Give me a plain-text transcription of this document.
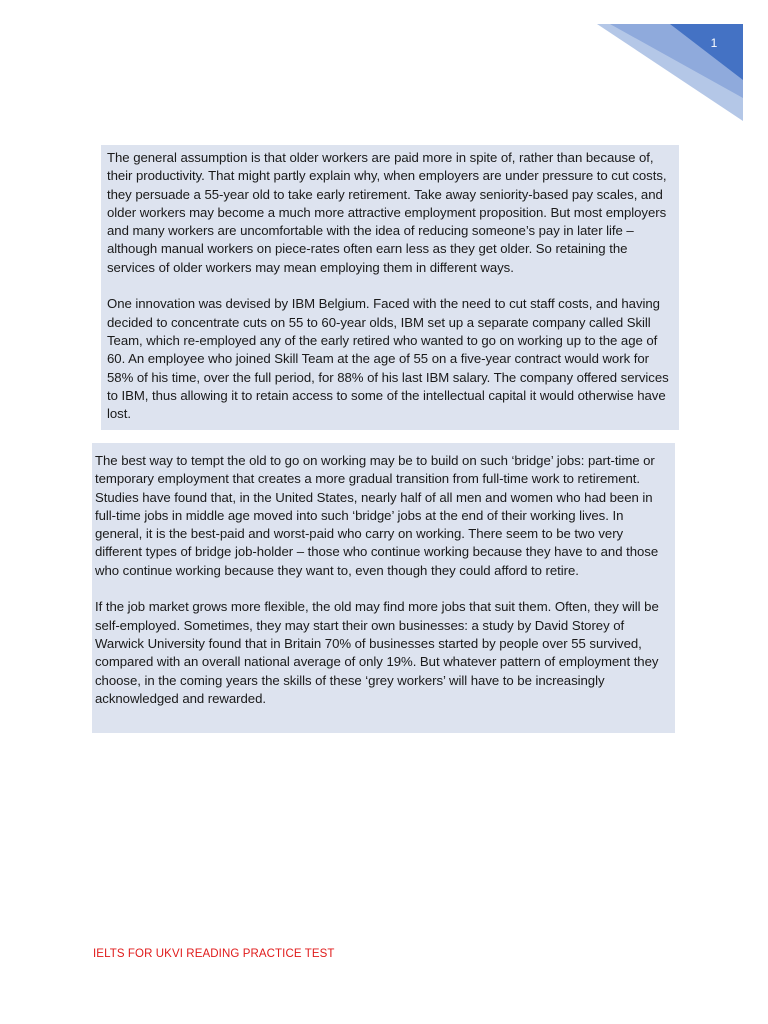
1

The general assumption is that older workers are paid more in spite of, rather than because of, their productivity. That might partly explain why, when employers are under pressure to cut costs, they persuade a 55-year old to take early retirement. Take away seniority-based pay scales, and older workers may become a much more attractive employment proposition. But most employers and many workers are uncomfortable with the idea of reducing someone’s pay in later life – although manual workers on piece-rates often earn less as they get older. So retaining the services of older workers may mean employing them in different ways.

One innovation was devised by IBM Belgium. Faced with the need to cut staff costs, and having decided to concentrate cuts on 55 to 60-year olds, IBM set up a separate company called Skill Team, which re-employed any of the early retired who wanted to go on working up to the age of 60. An employee who joined Skill Team at the age of 55 on a five-year contract would work for 58% of his time, over the full period, for 88% of his last IBM salary. The company offered services to IBM, thus allowing it to retain access to some of the intellectual capital it would otherwise have lost.

The best way to tempt the old to go on working may be to build on such ‘bridge’ jobs: part-time or temporary employment that creates a more gradual transition from full-time work to retirement. Studies have found that, in the United States, nearly half of all men and women who had been in full-time jobs in middle age moved into such ‘bridge’ jobs at the end of their working lives. In general, it is the best-paid and worst-paid who carry on working. There seem to be two very different types of bridge job-holder – those who continue working because they have to and those who continue working because they want to, even though they could afford to retire.

If the job market grows more flexible, the old may find more jobs that suit them. Often, they will be self-employed. Sometimes, they may start their own businesses: a study by David Storey of Warwick University found that in Britain 70% of businesses started by people over 55 survived, compared with an overall national average of only 19%. But whatever pattern of employment they choose, in the coming years the skills of these ‘grey workers’ will have to be increasingly acknowledged and rewarded.

IELTS FOR UKVI READING PRACTICE TEST
